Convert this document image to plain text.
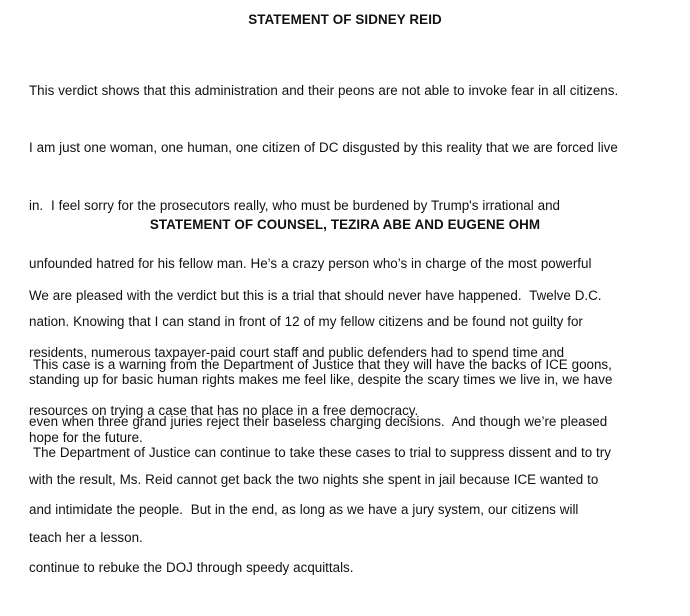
STATEMENT OF SIDNEY REID

This verdict shows that this administration and their peons are not able to invoke fear in all citizens.

I am just one woman, one human, one citizen of DC disgusted by this reality that we are forced live

in.  I feel sorry for the prosecutors really, who must be burdened by Trump's irrational and

unfounded hatred for his fellow man. He’s a crazy person who’s in charge of the most powerful

nation. Knowing that I can stand in front of 12 of my fellow citizens and be found not guilty for

standing up for basic human rights makes me feel like, despite the scary times we live in, we have

hope for the future.

STATEMENT OF COUNSEL, TEZIRA ABE AND EUGENE OHM

We are pleased with the verdict but this is a trial that should never have happened.  Twelve D.C.

residents, numerous taxpayer-paid court staff and public defenders had to spend time and

resources on trying a case that has no place in a free democracy.

This case is a warning from the Department of Justice that they will have the backs of ICE goons,

even when three grand juries reject their baseless charging decisions.  And though we’re pleased

with the result, Ms. Reid cannot get back the two nights she spent in jail because ICE wanted to

teach her a lesson.

The Department of Justice can continue to take these cases to trial to suppress dissent and to try

and intimidate the people.  But in the end, as long as we have a jury system, our citizens will

continue to rebuke the DOJ through speedy acquittals.
